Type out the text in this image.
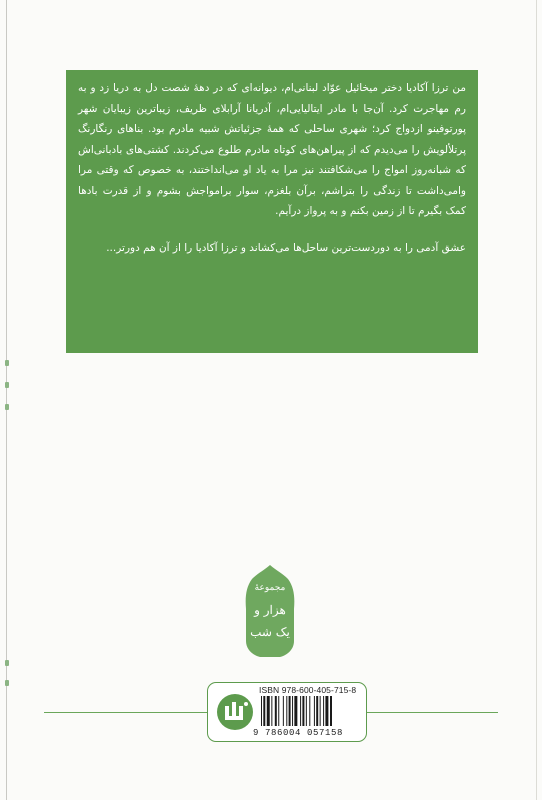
من ترزا آکادیا دختر میخائیل عوّاد لبنانی‌ام، دیوانه‌ای که در دههٔ شصت دل به دریا زد و به رم مهاجرت کرد. آن‌جا با مادر ایتالیایی‌ام، آدریانا آرابلای ظریف، زیباترین زیبایان شهر پورتوفینو ازدواج کرد؛ شهری ساحلی که همهٔ جزئیاتش شبیه مادرم بود. بناهای رنگارنگ پرتلألویش را می‌دیدم که از پیراهن‌های کوتاه مادرم طلوع می‌کردند. کشتی‌های بادبانی‌اش که شبانه‌روز امواج را می‌شکافتند نیز مرا به یاد او می‌انداختند، به خصوص که وقتی مرا وامی‌داشت تا زندگی را بتراشم، برآن بلغزم، سوار برامواجش بشوم و از قدرت بادها کمک بگیرم تا از زمین بکنم و به پرواز درآیم.

عشق آدمی را به دوردست‌ترین ساحل‌ها می‌کشاند و ترزا آکادیا را از آن هم دورتر...

مجموعهٔ
هزار و
یک شب
ISBN 978-600-405-715-8
9 786004 057158
